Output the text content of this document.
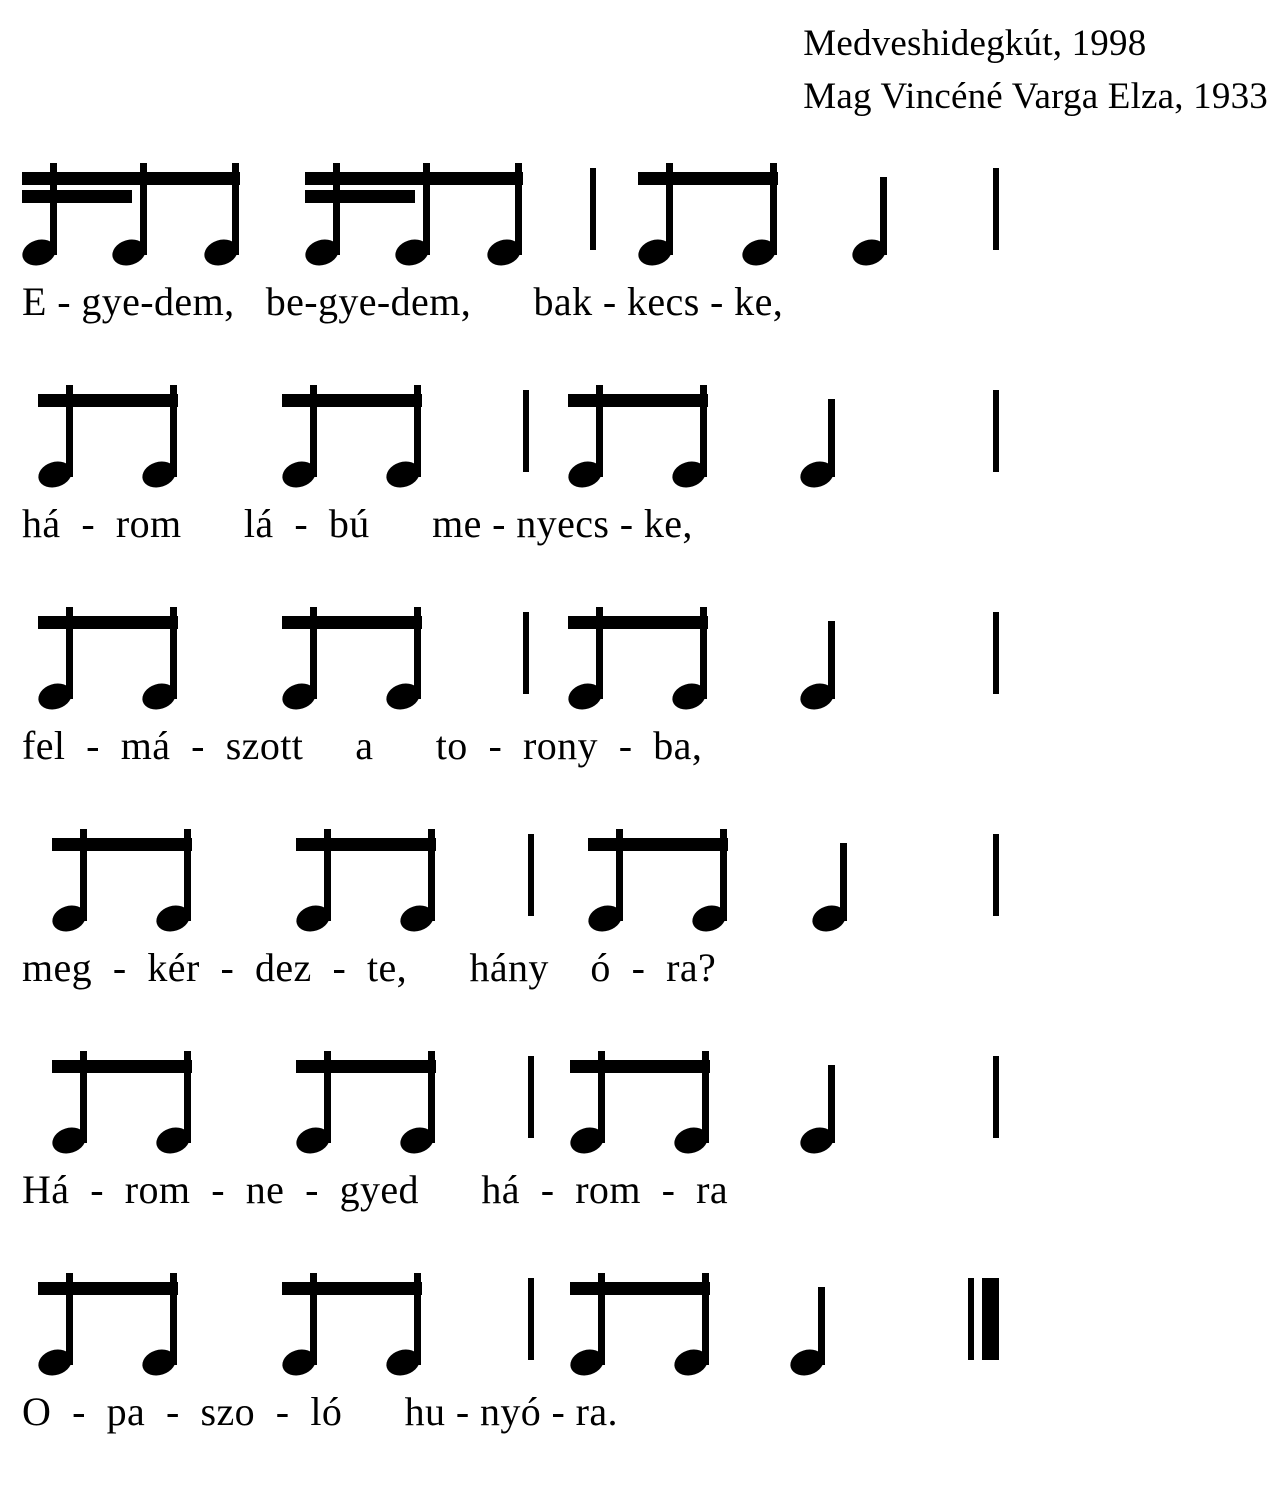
Medveshidegkút, 1998
Mag Vincéné Varga Elza, 1933
E - gye-dem,   be-gye-dem,      bak - kecs - ke,
há  -  rom      lá  -  bú      me - nyecs - ke,
fel  -  má  -  szott     a      to  -  rony  -  ba,
meg  -  kér  -  dez  -  te,      hány    ó  -  ra?
Há  -  rom  -  ne  -  gyed      há  -  rom  -  ra
O  -  pa  -  szo  -  ló      hu - nyó - ra.
